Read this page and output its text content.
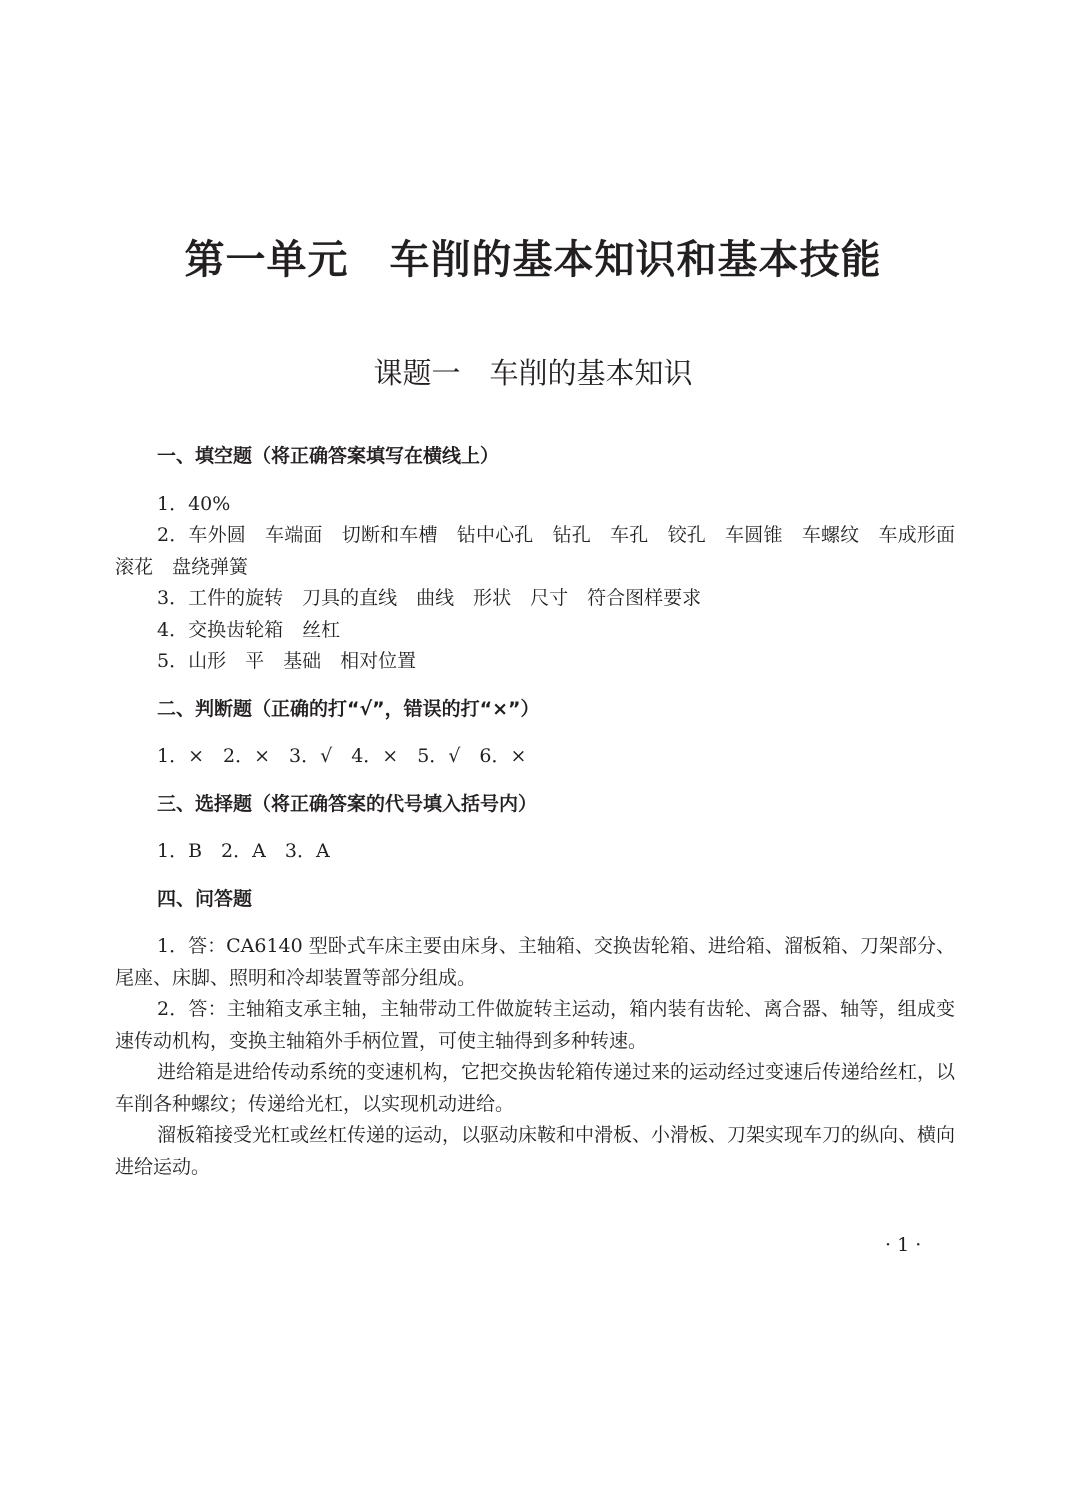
第一单元　车削的基本知识和基本技能
课题一　车削的基本知识

一、填空题（将正确答案填写在横线上）

1．40%

2．车外圆　车端面　切断和车槽　钻中心孔　钻孔　车孔　铰孔　车圆锥　车螺纹　车成形面　滚花　盘绕弹簧

3．工件的旋转　刀具的直线　曲线　形状　尺寸　符合图样要求

4．交换齿轮箱　丝杠

5．山形　平　基础　相对位置

二、判断题（正确的打“√”，错误的打“×”）

1．×　2．×　3．√　4．×　5．√　6．×

三、选择题（将正确答案的代号填入括号内）

1．B　2．A　3．A

四、问答题

1．答：CA6140 型卧式车床主要由床身、主轴箱、交换齿轮箱、进给箱、溜板箱、刀架部分、尾座、床脚、照明和冷却装置等部分组成。

2．答：主轴箱支承主轴，主轴带动工件做旋转主运动，箱内装有齿轮、离合器、轴等，组成变速传动机构，变换主轴箱外手柄位置，可使主轴得到多种转速。

进给箱是进给传动系统的变速机构，它把交换齿轮箱传递过来的运动经过变速后传递给丝杠，以车削各种螺纹；传递给光杠，以实现机动进给。

溜板箱接受光杠或丝杠传递的运动，以驱动床鞍和中滑板、小滑板、刀架实现车刀的纵向、横向进给运动。

· 1 ·
